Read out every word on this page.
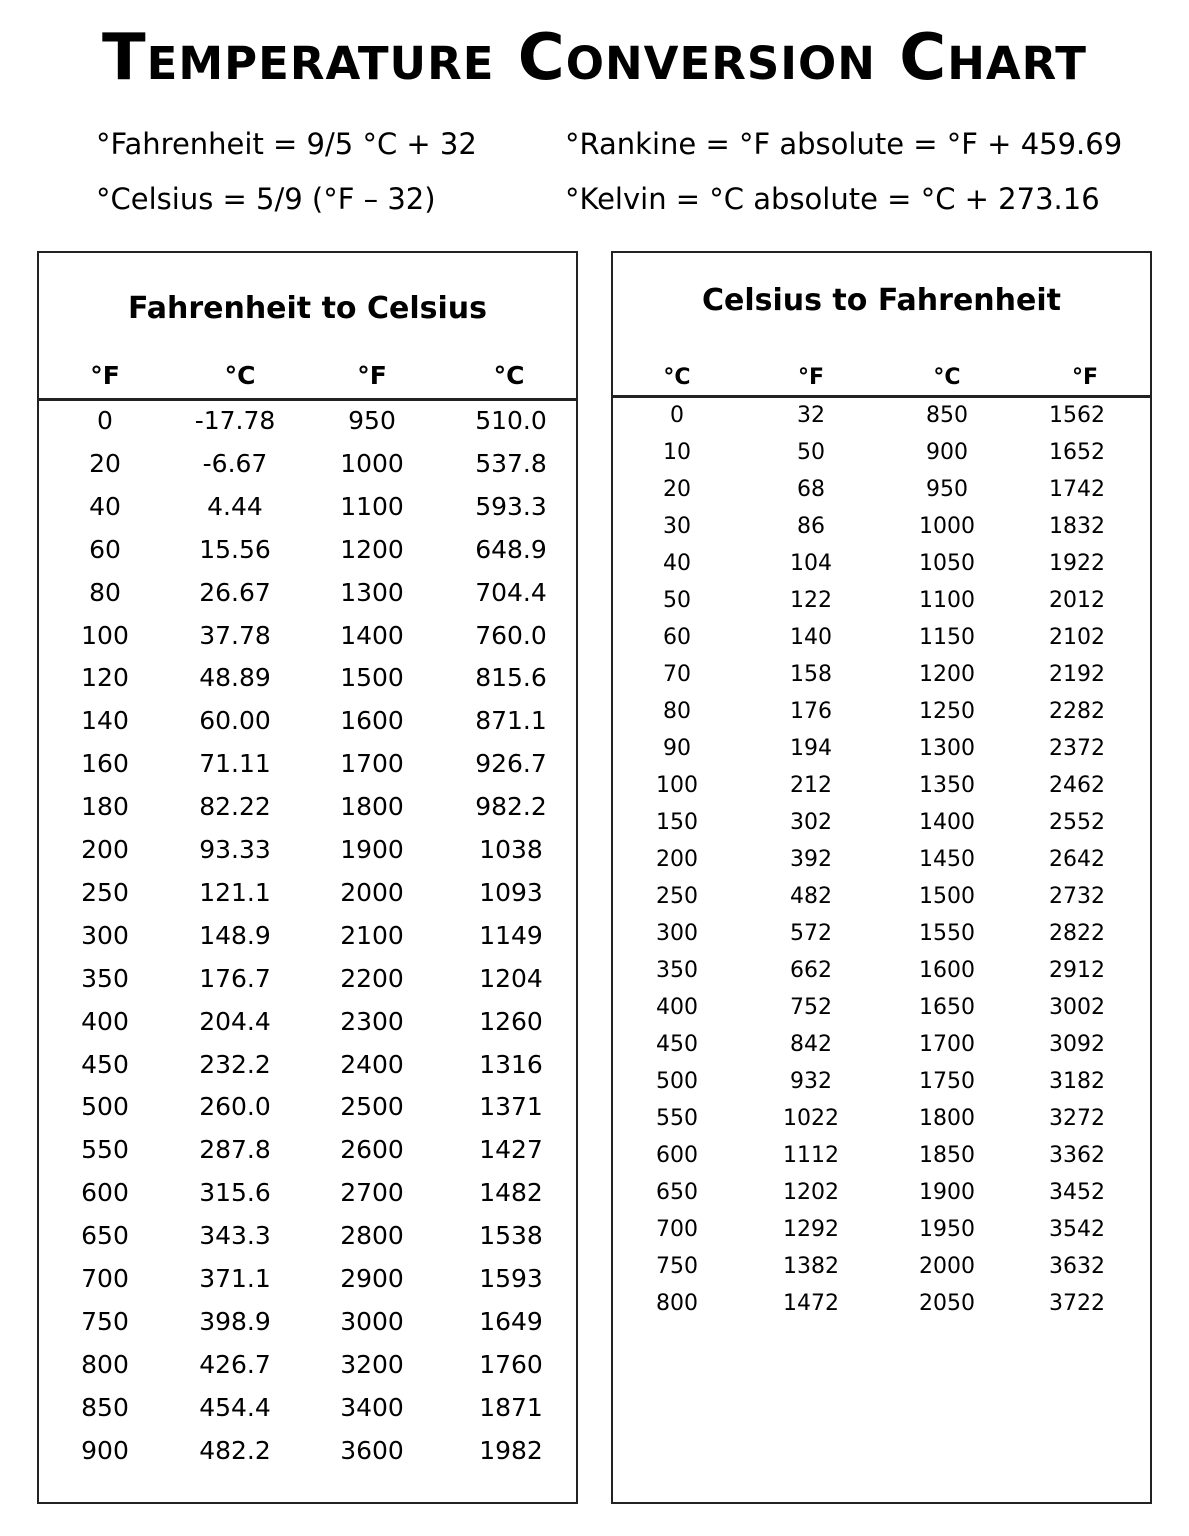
Temperature Conversion Chart
°Fahrenheit = 9/5 °C + 32
°Celsius = 5/9 (°F – 32)
°Rankine = °F absolute = °F + 459.69
°Kelvin = °C absolute = °C + 273.16
Fahrenheit to Celsius
°F	°C	°F	°C
0	-17.78	950	510.0
20	-6.67	1000	537.8
40	4.44	1100	593.3
60	15.56	1200	648.9
80	26.67	1300	704.4
100	37.78	1400	760.0
120	48.89	1500	815.6
140	60.00	1600	871.1
160	71.11	1700	926.7
180	82.22	1800	982.2
200	93.33	1900	1038
250	121.1	2000	1093
300	148.9	2100	1149
350	176.7	2200	1204
400	204.4	2300	1260
450	232.2	2400	1316
500	260.0	2500	1371
550	287.8	2600	1427
600	315.6	2700	1482
650	343.3	2800	1538
700	371.1	2900	1593
750	398.9	3000	1649
800	426.7	3200	1760
850	454.4	3400	1871
900	482.2	3600	1982
Celsius to Fahrenheit
°C	°F	°C	°F
0	32	850	1562
10	50	900	1652
20	68	950	1742
30	86	1000	1832
40	104	1050	1922
50	122	1100	2012
60	140	1150	2102
70	158	1200	2192
80	176	1250	2282
90	194	1300	2372
100	212	1350	2462
150	302	1400	2552
200	392	1450	2642
250	482	1500	2732
300	572	1550	2822
350	662	1600	2912
400	752	1650	3002
450	842	1700	3092
500	932	1750	3182
550	1022	1800	3272
600	1112	1850	3362
650	1202	1900	3452
700	1292	1950	3542
750	1382	2000	3632
800	1472	2050	3722
